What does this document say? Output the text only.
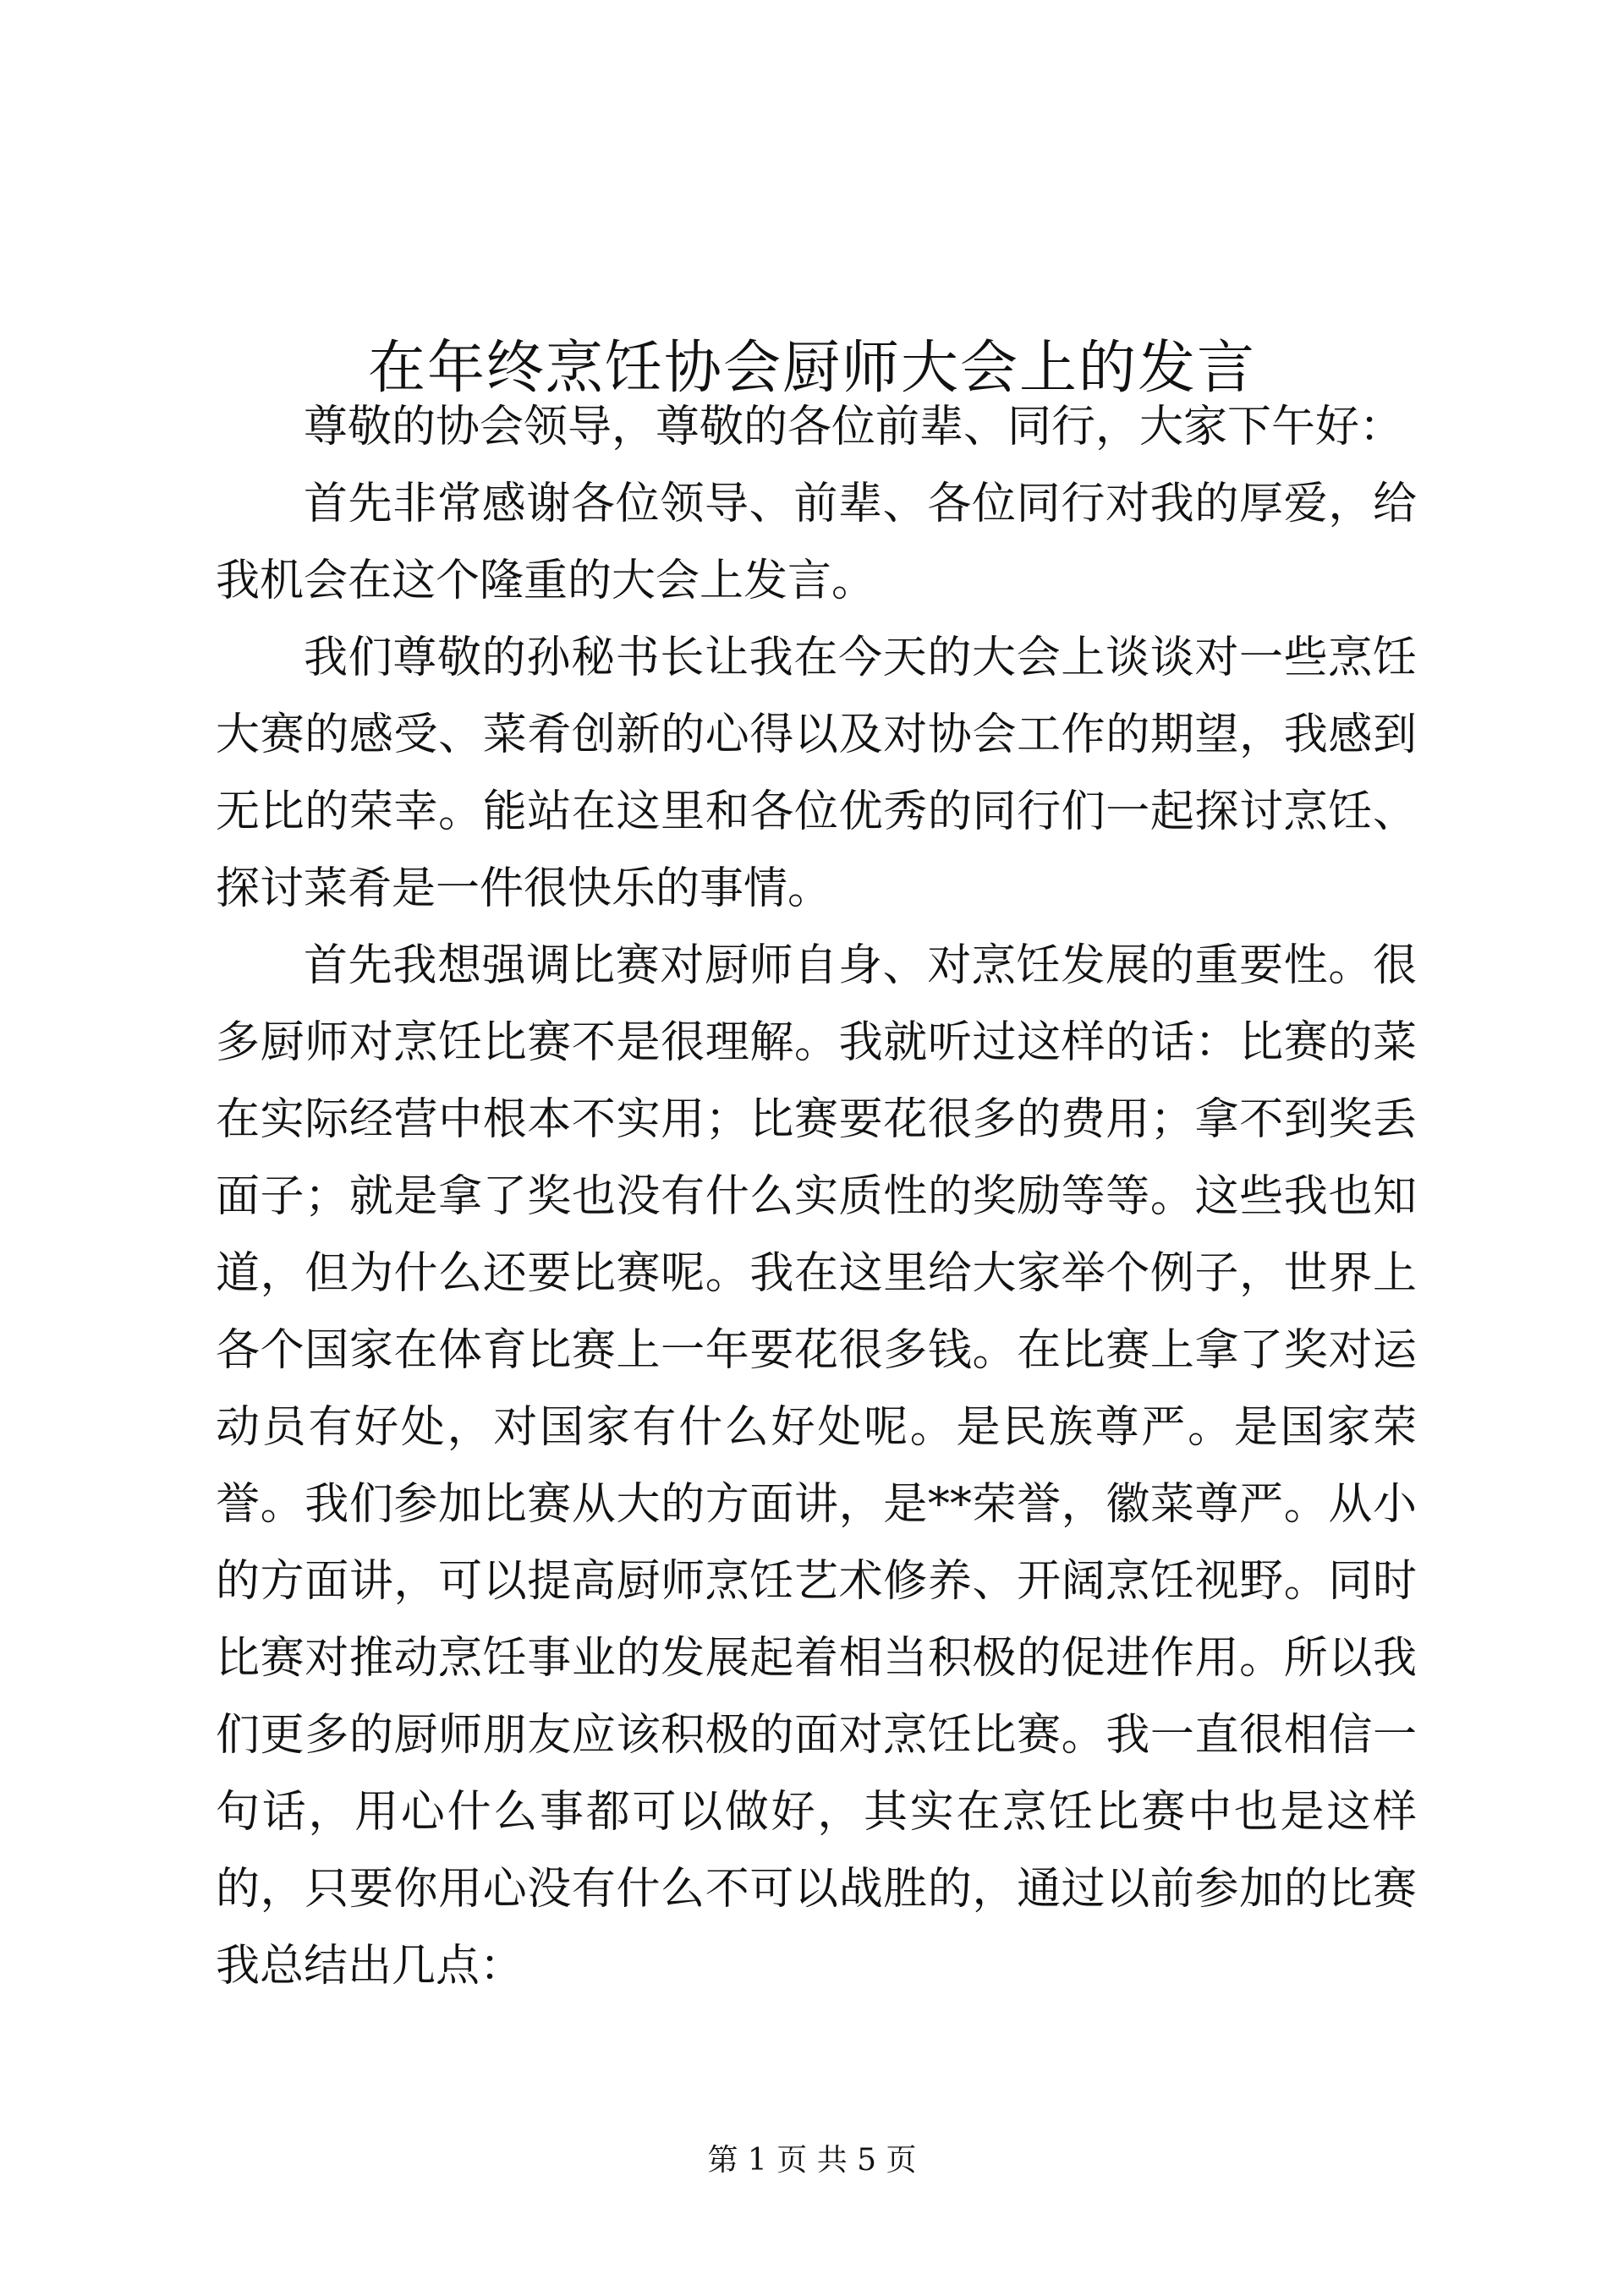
在年终烹饪协会厨师大会上的发言

尊敬的协会领导，尊敬的各位前辈、同行，大家下午好：

首先非常感谢各位领导、前辈、各位同行对我的厚爱，给我机会在这个隆重的大会上发言。

我们尊敬的孙秘书长让我在今天的大会上谈谈对一些烹饪大赛的感受、菜肴创新的心得以及对协会工作的期望，我感到无比的荣幸。能站在这里和各位优秀的同行们一起探讨烹饪、探讨菜肴是一件很快乐的事情。

首先我想强调比赛对厨师自身、对烹饪发展的重要性。很多厨师对烹饪比赛不是很理解。我就听过这样的话：比赛的菜在实际经营中根本不实用；比赛要花很多的费用；拿不到奖丢面子；就是拿了奖也没有什么实质性的奖励等等。这些我也知道，但为什么还要比赛呢。我在这里给大家举个例子，世界上各个国家在体育比赛上一年要花很多钱。在比赛上拿了奖对运动员有好处，对国家有什么好处呢。是民族尊严。是国家荣誉。我们参加比赛从大的方面讲，是**荣誉，徽菜尊严。从小的方面讲，可以提高厨师烹饪艺术修养、开阔烹饪视野。同时比赛对推动烹饪事业的发展起着相当积极的促进作用。所以我们更多的厨师朋友应该积极的面对烹饪比赛。我一直很相信一句话，用心什么事都可以做好，其实在烹饪比赛中也是这样的，只要你用心没有什么不可以战胜的，通过以前参加的比赛我总结出几点：

第 1 页 共 5 页
